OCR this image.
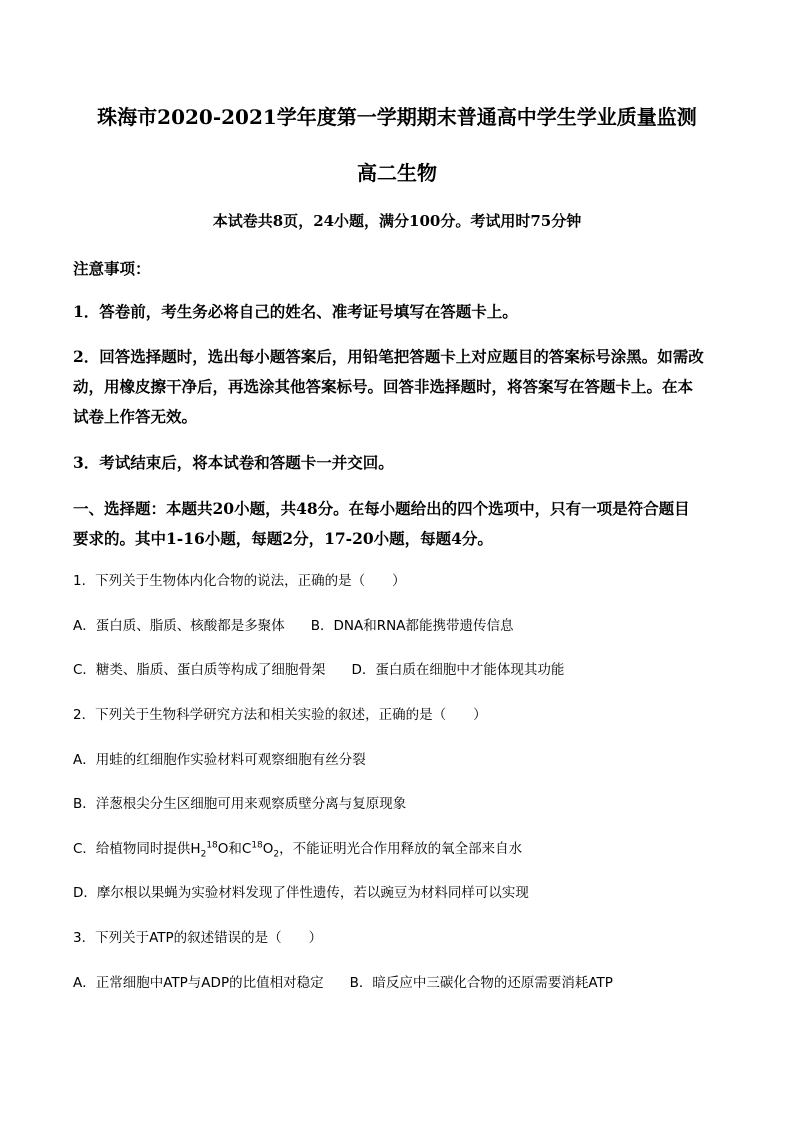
珠海市2020-2021学年度第一学期期末普通高中学生学业质量监测
高二生物
本试卷共8页，24小题，满分100分。考试用时75分钟
注意事项：
1．答卷前，考生务必将自己的姓名、准考证号填写在答题卡上。
2．回答选择题时，选出每小题答案后，用铅笔把答题卡上对应题目的答案标号涂黑。如需改
动，用橡皮擦干净后，再选涂其他答案标号。回答非选择题时，将答案写在答题卡上。在本
试卷上作答无效。
3．考试结束后，将本试卷和答题卡一并交回。
一、选择题：本题共20小题，共48分。在每小题给出的四个选项中，只有一项是符合题目
要求的。其中1-16小题，每题2分，17-20小题，每题4分。
1．下列关于生物体内化合物的说法，正确的是（　　）
A．蛋白质、脂质、核酸都是多聚体 B．DNA和RNA都能携带遗传信息
C．糖类、脂质、蛋白质等构成了细胞骨架 D．蛋白质在细胞中才能体现其功能
2．下列关于生物科学研究方法和相关实验的叙述，正确的是（　　）
A．用蛙的红细胞作实验材料可观察细胞有丝分裂
B．洋葱根尖分生区细胞可用来观察质壁分离与复原现象
C．给植物同时提供$H_2^{18}O$和$C^{18}O_2$，不能证明光合作用释放的氧全部来自水
D．摩尔根以果蝇为实验材料发现了伴性遗传，若以豌豆为材料同样可以实现
3．下列关于ATP的叙述错误的是（　　）
A．正常细胞中ATP与ADP的比值相对稳定 B．暗反应中三碳化合物的还原需要消耗ATP
